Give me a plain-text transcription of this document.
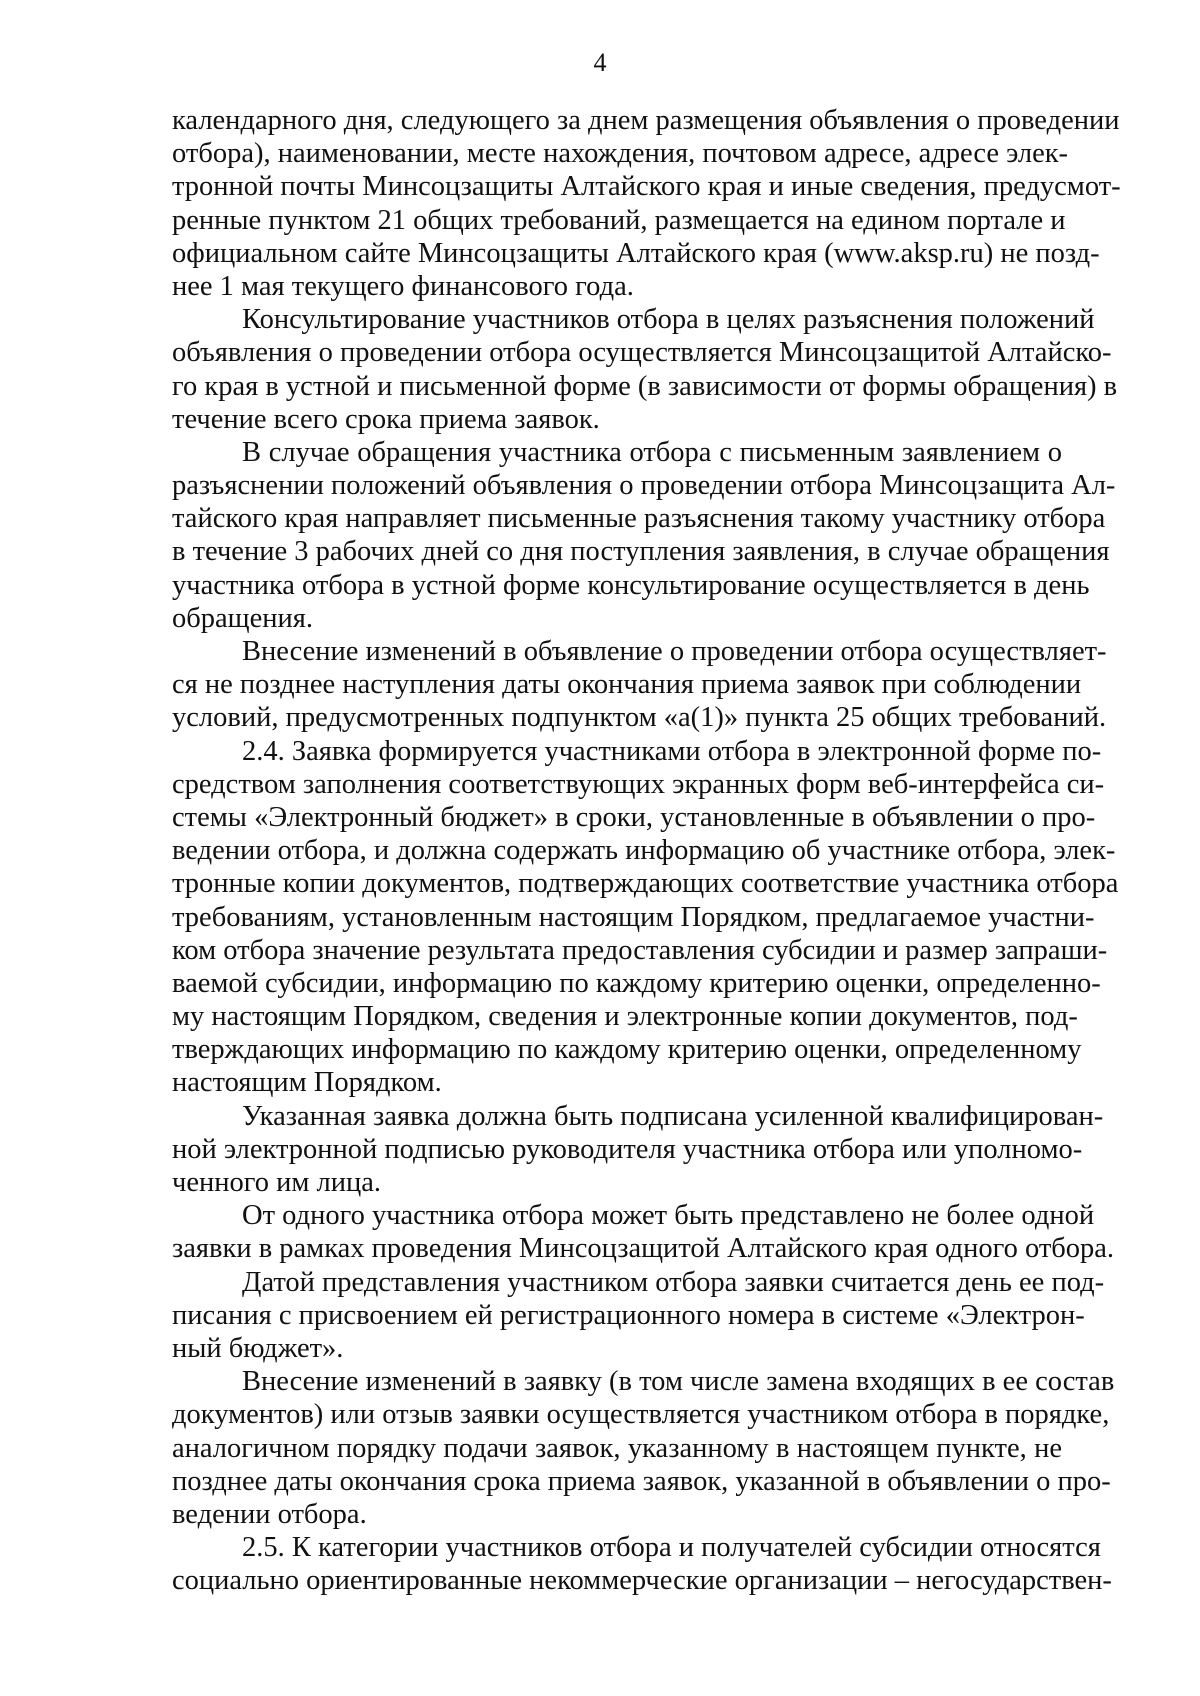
4
календарного дня, следующего за днем размещения объявления о проведении
отбора), наименовании, месте нахождения, почтовом адресе, адресе элек-
тронной почты Минсоцзащиты Алтайского края и иные сведения, предусмот-
ренные пунктом 21 общих требований, размещается на едином портале и
официальном сайте Минсоцзащиты Алтайского края (www.aksp.ru) не позд-
нее 1 мая текущего финансового года.
Консультирование участников отбора в целях разъяснения положений
объявления о проведении отбора осуществляется Минсоцзащитой Алтайско-
го края в устной и письменной форме (в зависимости от формы обращения) в
течение всего срока приема заявок.
В случае обращения участника отбора с письменным заявлением о
разъяснении положений объявления о проведении отбора Минсоцзащита Ал-
тайского края направляет письменные разъяснения такому участнику отбора
в течение 3 рабочих дней со дня поступления заявления, в случае обращения
участника отбора в устной форме консультирование осуществляется в день
обращения.
Внесение изменений в объявление о проведении отбора осуществляет-
ся не позднее наступления даты окончания приема заявок при соблюдении
условий, предусмотренных подпунктом «а(1)» пункта 25 общих требований.
2.4. Заявка формируется участниками отбора в электронной форме по-
средством заполнения соответствующих экранных форм веб-интерфейса си-
стемы «Электронный бюджет» в сроки, установленные в объявлении о про-
ведении отбора, и должна содержать информацию об участнике отбора, элек-
тронные копии документов, подтверждающих соответствие участника отбора
требованиям, установленным настоящим Порядком, предлагаемое участни-
ком отбора значение результата предоставления субсидии и размер запраши-
ваемой субсидии, информацию по каждому критерию оценки, определенно-
му настоящим Порядком, сведения и электронные копии документов, под-
тверждающих информацию по каждому критерию оценки, определенному
настоящим Порядком.
Указанная заявка должна быть подписана усиленной квалифицирован-
ной электронной подписью руководителя участника отбора или уполномо-
ченного им лица.
От одного участника отбора может быть представлено не более одной
заявки в рамках проведения Минсоцзащитой Алтайского края одного отбора.
Датой представления участником отбора заявки считается день ее под-
писания с присвоением ей регистрационного номера в системе «Электрон-
ный бюджет».
Внесение изменений в заявку (в том числе замена входящих в ее состав
документов) или отзыв заявки осуществляется участником отбора в порядке,
аналогичном порядку подачи заявок, указанному в настоящем пункте, не
позднее даты окончания срока приема заявок, указанной в объявлении о про-
ведении отбора.
2.5. К категории участников отбора и получателей субсидии относятся
социально ориентированные некоммерческие организации – негосударствен-
